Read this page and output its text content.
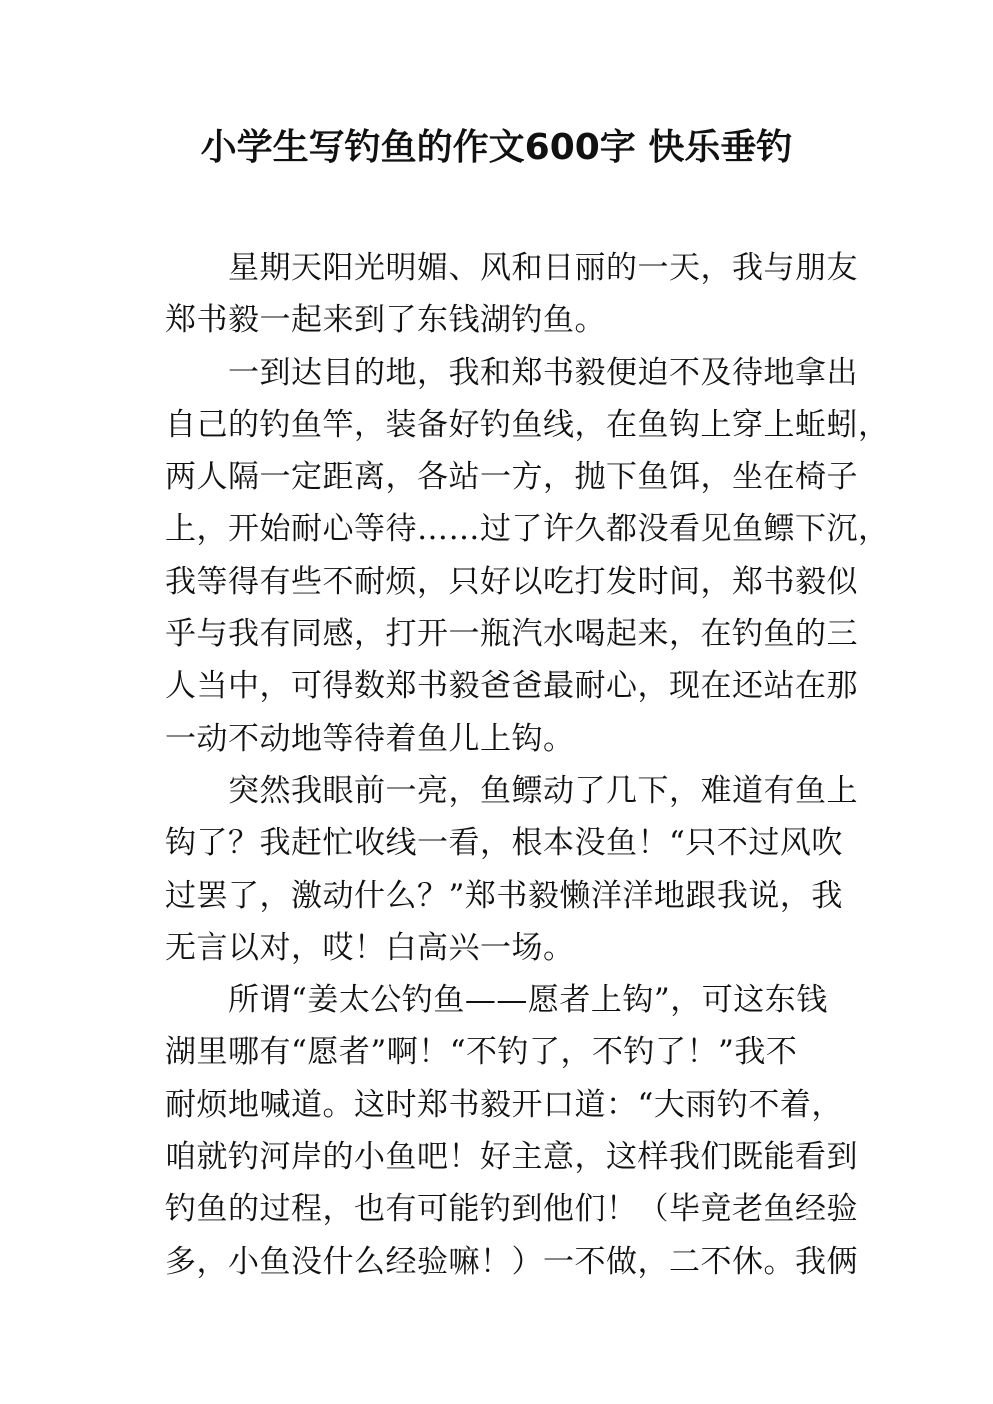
小学生写钓鱼的作文600字 快乐垂钓
星期天阳光明媚、风和日丽的一天，我与朋友
郑书毅一起来到了东钱湖钓鱼。
一到达目的地，我和郑书毅便迫不及待地拿出
自己的钓鱼竿，装备好钓鱼线，在鱼钩上穿上蚯蚓，
两人隔一定距离，各站一方，抛下鱼饵，坐在椅子
上，开始耐心等待……过了许久都没看见鱼鳔下沉，
我等得有些不耐烦，只好以吃打发时间，郑书毅似
乎与我有同感，打开一瓶汽水喝起来，在钓鱼的三
人当中，可得数郑书毅爸爸最耐心，现在还站在那
一动不动地等待着鱼儿上钩。
突然我眼前一亮，鱼鳔动了几下，难道有鱼上
钩了？我赶忙收线一看，根本没鱼！“只不过风吹
过罢了，激动什么？”郑书毅懒洋洋地跟我说，我
无言以对，哎！白高兴一场。
所谓“姜太公钓鱼——愿者上钩”，可这东钱
湖里哪有“愿者”啊！“不钓了，不钓了！”我不
耐烦地喊道。这时郑书毅开口道：“大雨钓不着，
咱就钓河岸的小鱼吧！好主意，这样我们既能看到
钓鱼的过程，也有可能钓到他们！（毕竟老鱼经验
多，小鱼没什么经验嘛！）一不做，二不休。我俩
